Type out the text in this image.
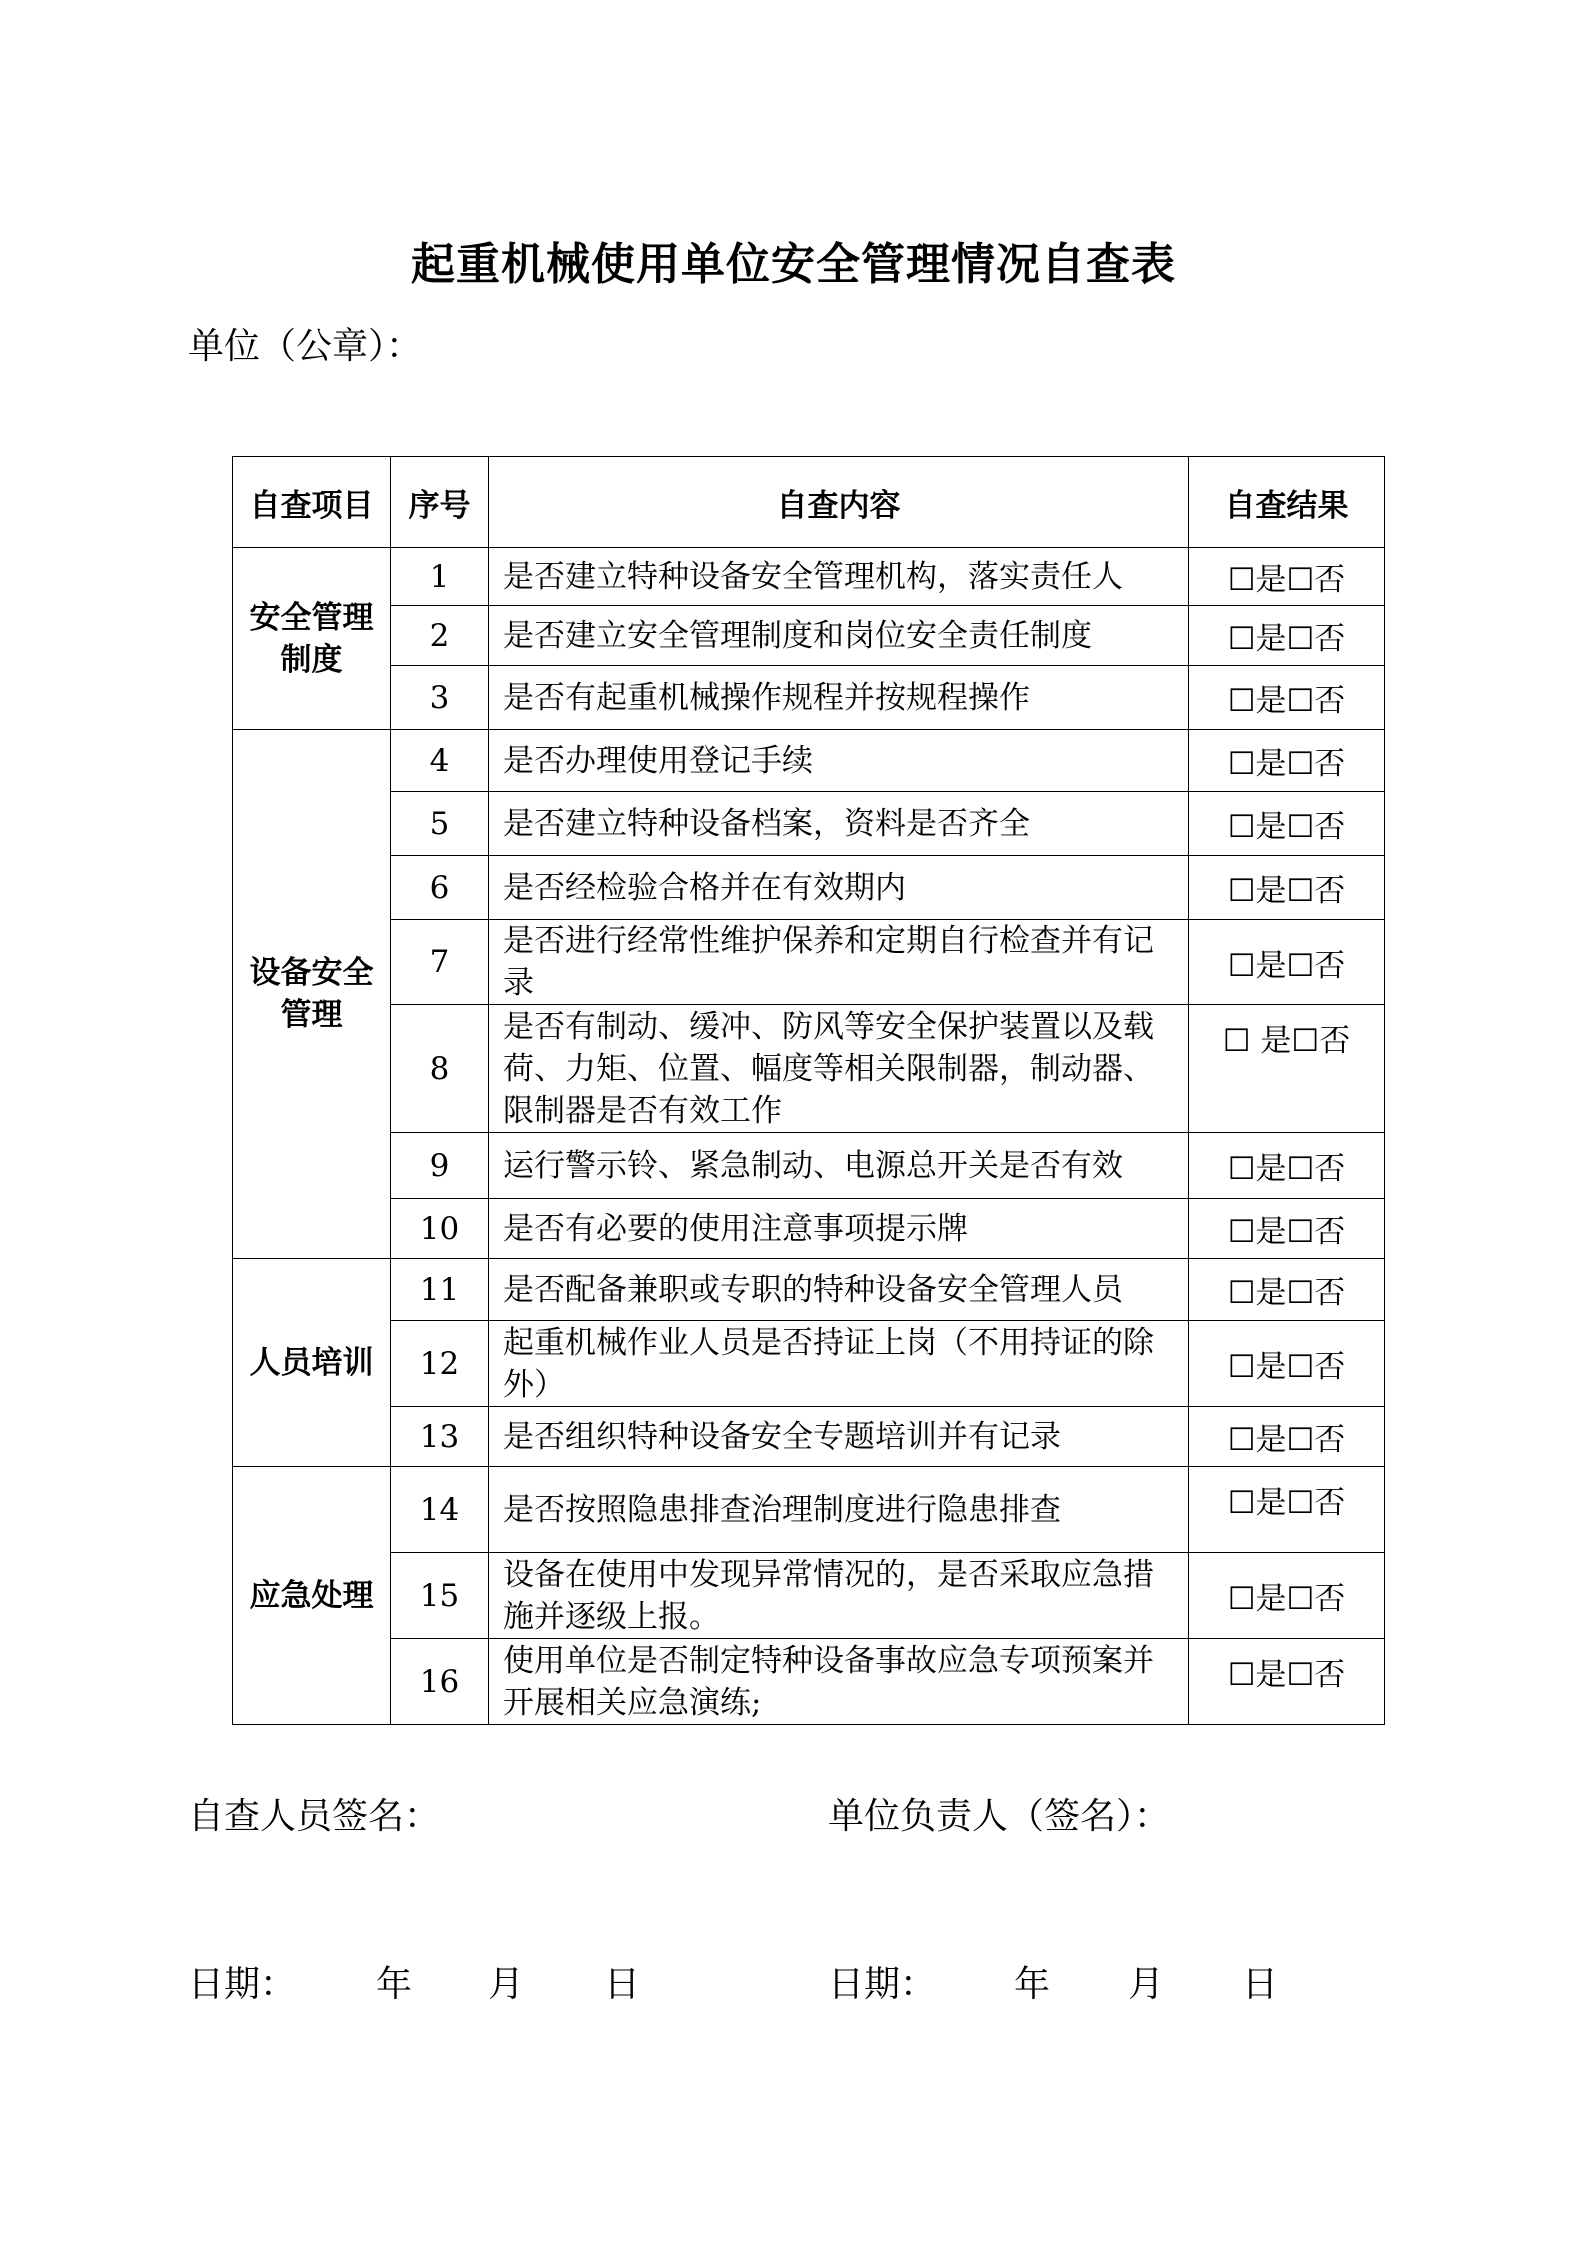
起重机械使用单位安全管理情况自查表
单位（公章）：
自查项目	序号	自查内容	自查结果

安全管理
制度	1	是否建立特种设备安全管理机构，落实责任人	☐是☐否
	2	是否建立安全管理制度和岗位安全责任制度	☐是☐否
	3	是否有起重机械操作规程并按规程操作	☐是☐否

设备安全
管理	4	是否办理使用登记手续	☐是☐否
	5	是否建立特种设备档案，资料是否齐全	☐是☐否
	6	是否经检验合格并在有效期内	☐是☐否
	7	是否进行经常性维护保养和定期自行检查并有记录	☐是☐否
	8	是否有制动、缓冲、防风等安全保护装置以及载荷、力矩、位置、幅度等相关限制器，制动器、限制器是否有效工作	☐ 是☐否
	9	运行警示铃、紧急制动、电源总开关是否有效	☐是☐否
	10	是否有必要的使用注意事项提示牌	☐是☐否

人员培训	11	是否配备兼职或专职的特种设备安全管理人员	☐是☐否
	12	起重机械作业人员是否持证上岗（不用持证的除外）	☐是☐否
	13	是否组织特种设备安全专题培训并有记录	☐是☐否

应急处理	14	是否按照隐患排查治理制度进行隐患排查	☐是☐否
	15	设备在使用中发现异常情况的，是否采取应急措施并逐级上报。	☐是☐否
	16	使用单位是否制定特种设备事故应急专项预案并开展相关应急演练;	☐是☐否
自查人员签名：	单位负责人（签名）：
日期： 年 月 日	日期： 年 月 日
